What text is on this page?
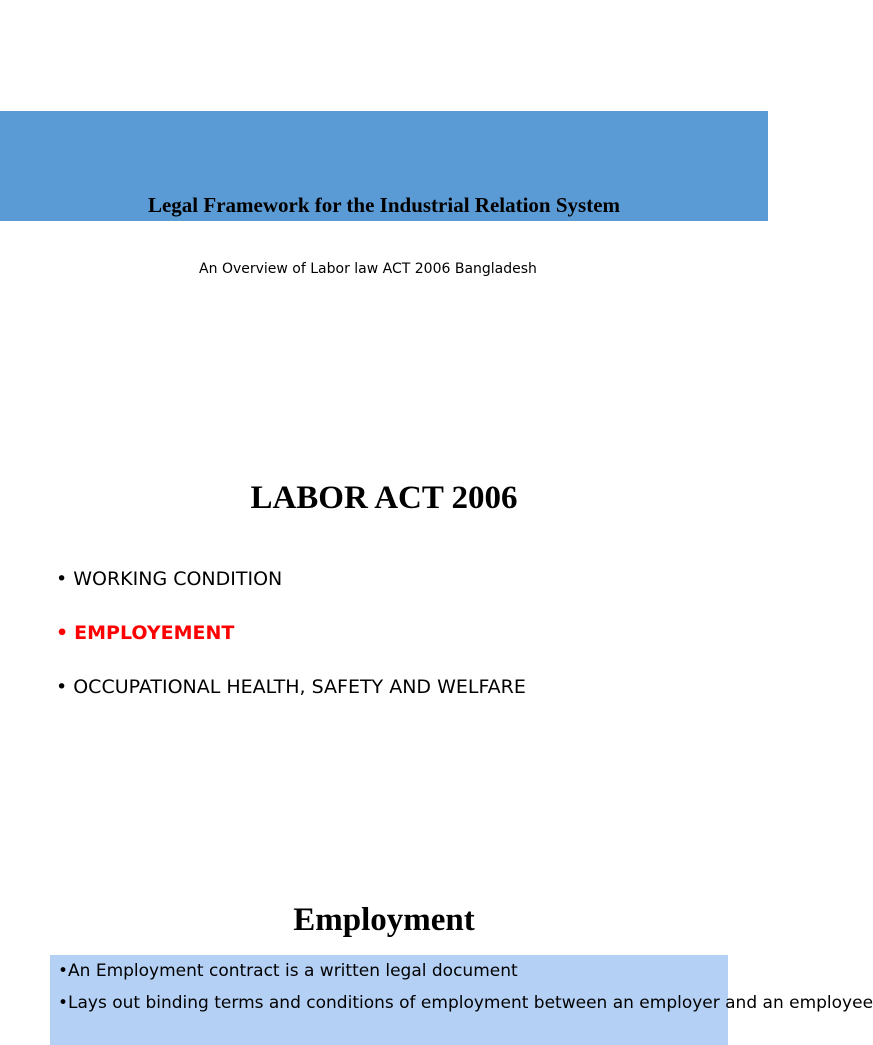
Legal Framework for the Industrial Relation System

An Overview of Labor law ACT 2006 Bangladesh

LABOR ACT 2006
• WORKING CONDITION
• EMPLOYEMENT
• OCCUPATIONAL HEALTH, SAFETY AND WELFARE
Employment

•An Employment contract is a written legal document

•Lays out binding terms and conditions of employment between an employer and an employee
